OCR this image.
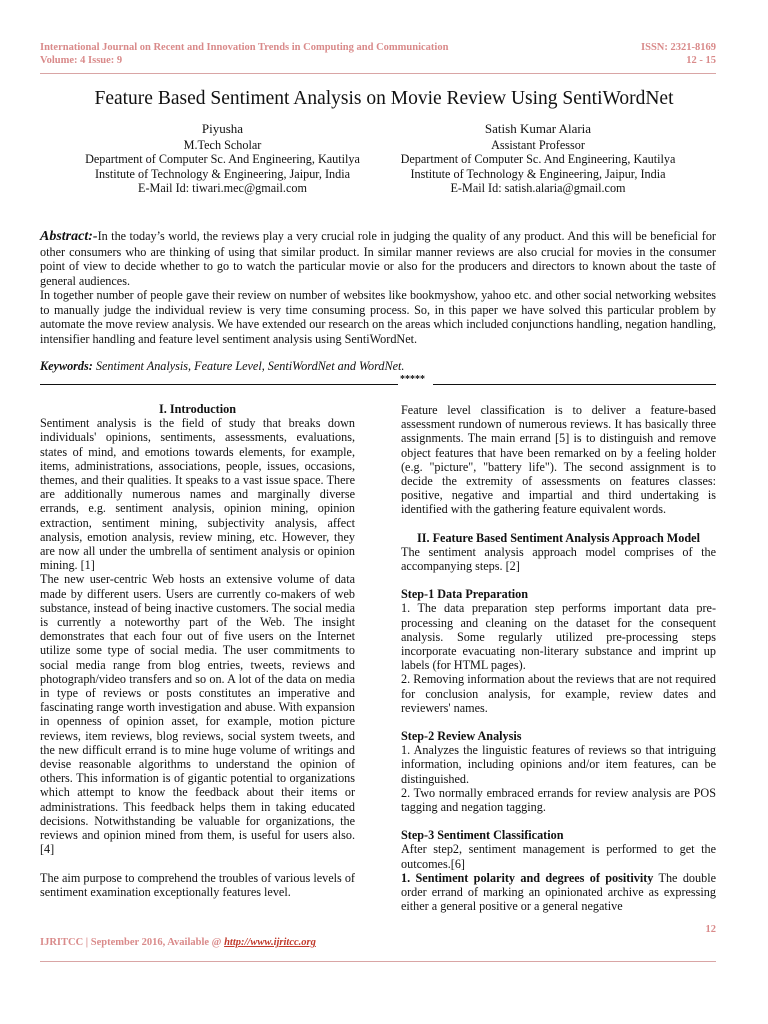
International Journal on Recent and Innovation Trends in Computing and Communication
Volume: 4 Issue: 9
ISSN: 2321-8169
12 - 15
Feature Based Sentiment Analysis on Movie Review Using SentiWordNet
Piyusha
M.Tech Scholar
Department of Computer Sc. And Engineering, Kautilya
Institute of Technology & Engineering, Jaipur, India
E-Mail Id: tiwari.mec@gmail.com
Satish Kumar Alaria
Assistant Professor
Department of Computer Sc. And Engineering, Kautilya
Institute of Technology & Engineering, Jaipur, India
E-Mail Id: satish.alaria@gmail.com

Abstract:-In the today’s world, the reviews play a very crucial role in judging the quality of any product. And this will be beneficial for other consumers who are thinking of using that similar product. In similar manner reviews are also crucial for movies in the consumer point of view to decide whether to go to watch the particular movie or also for the producers and directors to known about the taste of general audiences.

In together number of people gave their review on number of websites like bookmyshow, yahoo etc. and other social networking websites to manually judge the individual review is very time consuming process. So, in this paper we have solved this particular problem by automate the move review analysis. We have extended our research on the areas which included conjunctions handling, negation handling, intensifier handling and feature level sentiment analysis using SentiWordNet.

Keywords: Sentiment Analysis, Feature Level, SentiWordNet and WordNet.
*****

I. Introduction

Sentiment analysis is the field of study that breaks down individuals' opinions, sentiments, assessments, evaluations, states of mind, and emotions towards elements, for example, items, administrations, associations, people, issues, occasions, themes, and their qualities. It speaks to a vast issue space. There are additionally numerous names and marginally diverse errands, e.g. sentiment analysis, opinion mining, opinion extraction, sentiment mining, subjectivity analysis, affect analysis, emotion analysis, review mining, etc. However, they are now all under the umbrella of sentiment analysis or opinion mining. [1]

The new user-centric Web hosts an extensive volume of data made by different users. Users are currently co-makers of web substance, instead of being inactive customers. The social media is currently a noteworthy part of the Web. The insight demonstrates that each four out of five users on the Internet utilize some type of social media. The user commitments to social media range from blog entries, tweets, reviews and photograph/video transfers and so on. A lot of the data on media in type of reviews or posts constitutes an imperative and fascinating range worth investigation and abuse. With expansion in openness of opinion asset, for example, motion picture reviews, item reviews, blog reviews, social system tweets, and the new difficult errand is to mine huge volume of writings and devise reasonable algorithms to understand the opinion of others. This information is of gigantic potential to organizations which attempt to know the feedback about their items or administrations. This feedback helps them in taking educated decisions. Notwithstanding be valuable for organizations, the reviews and opinion mined from them, is useful for users also. [4]

The aim purpose to comprehend the troubles of various levels of sentiment examination exceptionally features level.

Feature level classification is to deliver a feature-based assessment rundown of numerous reviews. It has basically three assignments. The main errand [5] is to distinguish and remove object features that have been remarked on by a feeling holder (e.g. "picture", "battery life"). The second assignment is to decide the extremity of assessments on features classes: positive, negative and impartial and third undertaking is identified with the gathering feature equivalent words.

II. Feature Based Sentiment Analysis Approach Model

The sentiment analysis approach model comprises of the accompanying steps. [2]

Step-1 Data Preparation

1. The data preparation step performs important data pre-processing and cleaning on the dataset for the consequent analysis. Some regularly utilized pre-processing steps incorporate evacuating non-literary substance and imprint up labels (for HTML pages).

2. Removing information about the reviews that are not required for conclusion analysis, for example, review dates and reviewers' names.

Step-2 Review Analysis

1. Analyzes the linguistic features of reviews so that intriguing information, including opinions and/or item features, can be distinguished.

2. Two normally embraced errands for review analysis are POS tagging and negation tagging.

Step-3 Sentiment Classification

After step2, sentiment management is performed to get the outcomes.[6]

1. Sentiment polarity and degrees of positivity The double order errand of marking an opinionated archive as expressing either a general positive or a general negative

12
IJRITCC | September 2016, Available @ http://www.ijritcc.org
